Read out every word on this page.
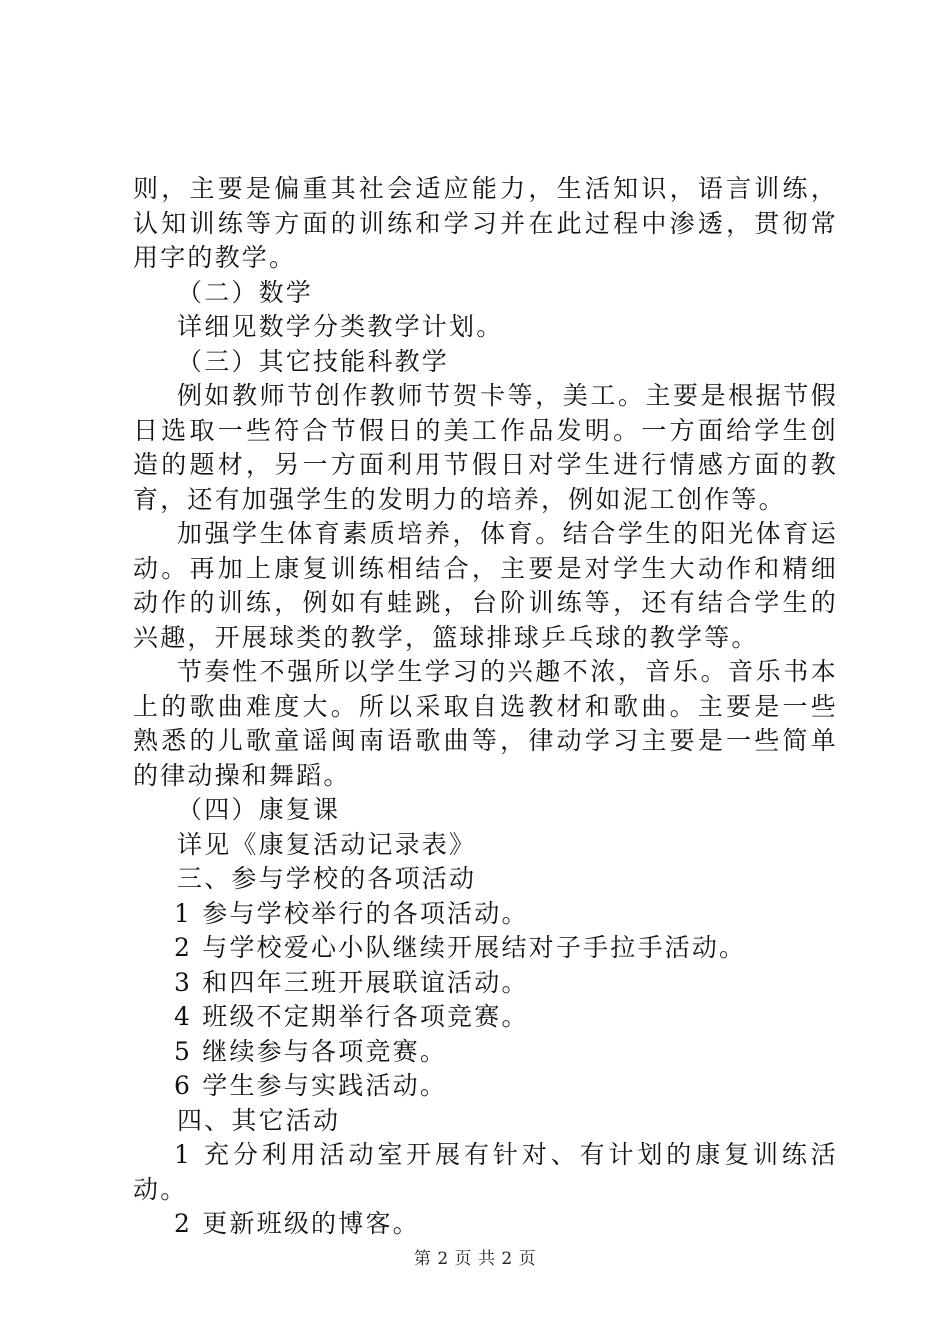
则，主要是偏重其社会适应能力，生活知识，语言训练，认知训练等方面的训练和学习并在此过程中渗透，贯彻常用字的教学。

（二）数学

详细见数学分类教学计划。

（三）其它技能科教学

例如教师节创作教师节贺卡等，美工。主要是根据节假日选取一些符合节假日的美工作品发明。一方面给学生创造的题材，另一方面利用节假日对学生进行情感方面的教育，还有加强学生的发明力的培养，例如泥工创作等。

加强学生体育素质培养，体育。结合学生的阳光体育运动。再加上康复训练相结合，主要是对学生大动作和精细动作的训练，例如有蛙跳，台阶训练等，还有结合学生的兴趣，开展球类的教学，篮球排球乒乓球的教学等。

节奏性不强所以学生学习的兴趣不浓，音乐。音乐书本上的歌曲难度大。所以采取自选教材和歌曲。主要是一些熟悉的儿歌童谣闽南语歌曲等，律动学习主要是一些简单的律动操和舞蹈。

（四）康复课

详见《康复活动记录表》

三、参与学校的各项活动

1 参与学校举行的各项活动。

2 与学校爱心小队继续开展结对子手拉手活动。

3 和四年三班开展联谊活动。

4 班级不定期举行各项竞赛。

5 继续参与各项竞赛。

6 学生参与实践活动。

四、其它活动

1 充分利用活动室开展有针对、有计划的康复训练活动。

2 更新班级的博客。

第 2 页 共 2 页
